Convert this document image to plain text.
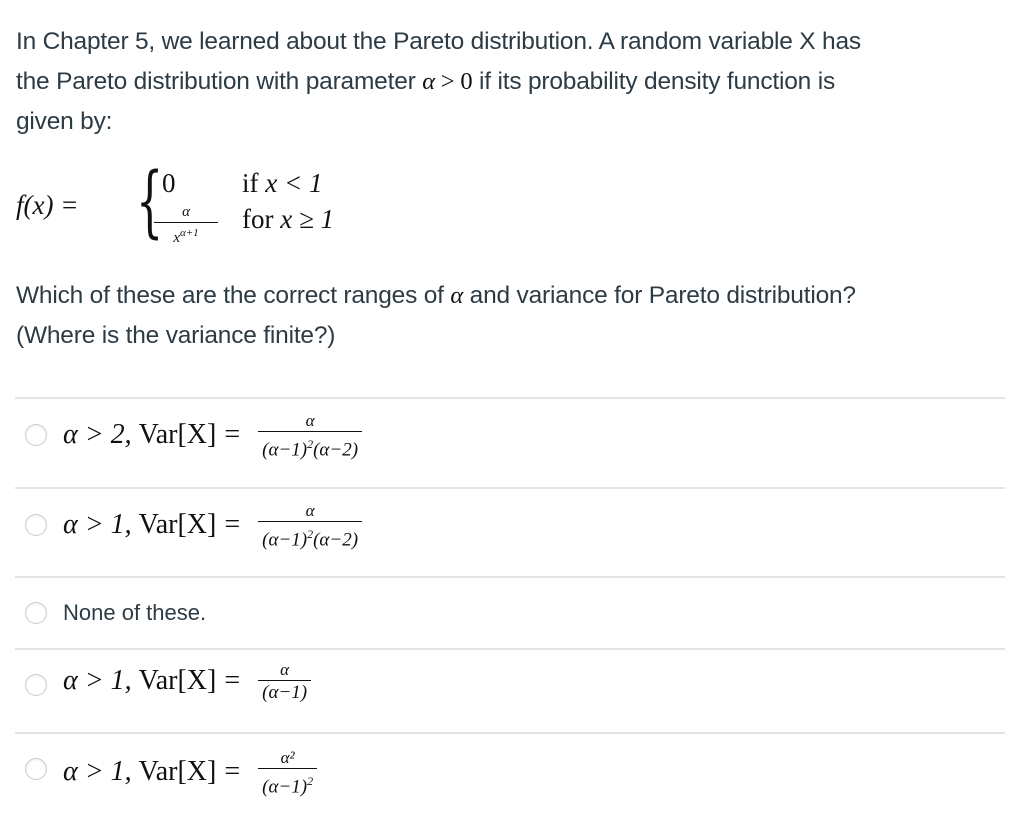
In Chapter 5, we learned about the Pareto distribution. A random variable X has
the Pareto distribution with parameter α > 0 if its probability density function is
given by:
f(x) = {
0
α
$x^{\alpha+1}$
if x < 1
for x ≥ 1
Which of these are the correct ranges of α and variance for Pareto distribution?
(Where is the variance finite?)
α > 2, $Var[X] = \frac{\alpha}{(\alpha-1)^2(\alpha-2)}$
α > 1, $Var[X] = \frac{\alpha}{(\alpha-1)^2(\alpha-2)}$
None of these.
α > 1, $Var[X] = \frac{\alpha}{(\alpha-1)}$
α > 1, $Var[X] = \frac{\text{α²}}{(\alpha-1)^2}$
